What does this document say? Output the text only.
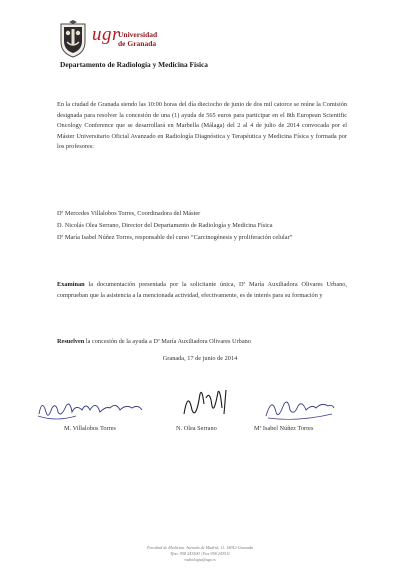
ugr
Universidad
de Granada
Departamento de Radiología y Medicina Física
En la ciudad de Granada siendo las 10:00 horas del día dieciocho de junio de dos mil catorce se reúne la Comisión designada para resolver la concesión de una (1) ayuda de 565 euros para participar en el 8th European Scientific Oncology Conference que se desarrollará en Marbella (Málaga) del 2 al 4 de julio de 2014 convocada por el Máster Universitario Oficial Avanzado en Radiología Diagnóstica y Terapéutica y Medicina Física y formada por los profesores:
Dª Mercedes Villalobos Torres, Coordinadora del Máster
D. Nicolás Olea Serrano, Director del Departamento de Radiología y Medicina Física
Dª María Isabel Núñez Torres, responsable del curso “Carcinogénesis y proliferación celular”
Examinan la documentación presentada por la solicitante única, Dª María Auxiliadora Olivares Urbano, comprueban que la asistencia a la mencionada actividad, efectivamente, es de interés para su formación y
Resuelven la concesión de la ayuda a Dª María Auxiliadora Olivares Urbano
Granada, 17 de junio de 2014
M. Villalobos Torres	N. Olea Serrano	Mª Isabel Núñez Torres
Facultad de Medicina. Avenida de Madrid, 11. 18012 Granada
Tfno. 958 243500 | Fax 958 243511
radiologia@ugr.es
